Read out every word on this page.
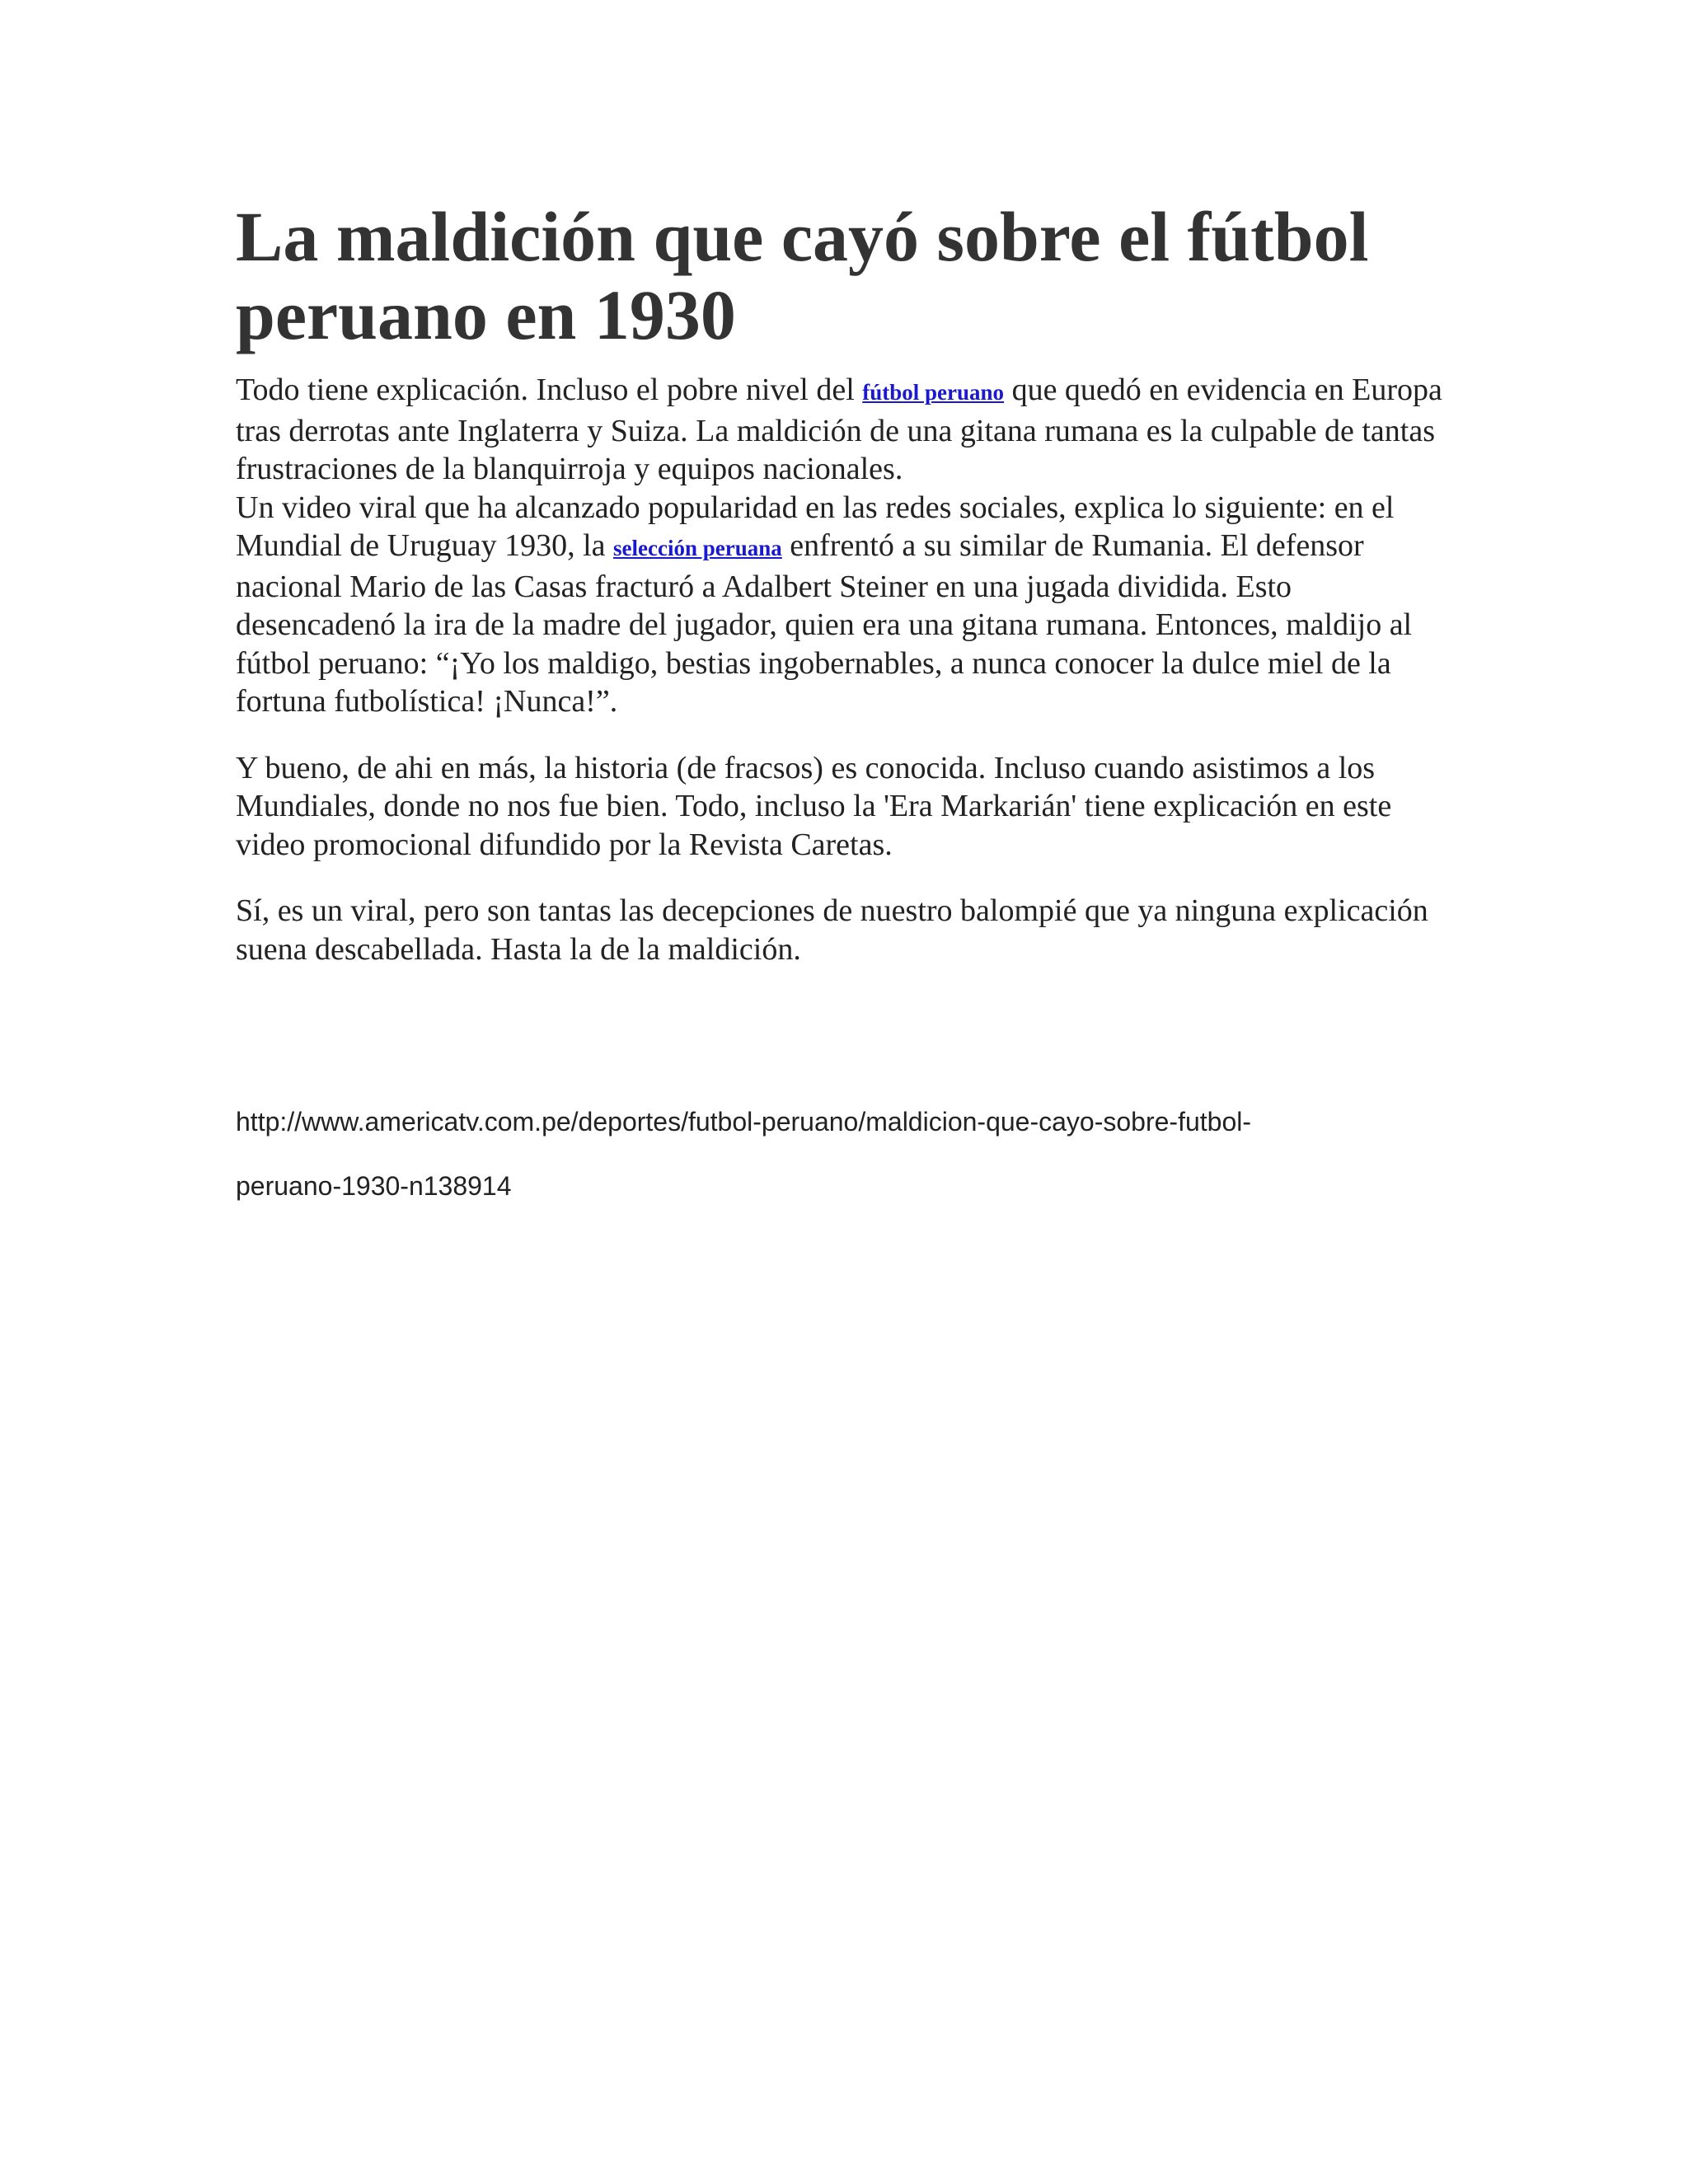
La maldición que cayó sobre el fútbol
peruano en 1930

Todo tiene explicación. Incluso el pobre nivel del fútbol peruano que quedó en evidencia en Europa tras derrotas ante Inglaterra y Suiza. La maldición de una gitana rumana es la culpable de tantas frustraciones de la blanquirroja y equipos nacionales.

Un video viral que ha alcanzado popularidad en las redes sociales, explica lo siguiente: en el Mundial de Uruguay 1930, la selección peruana enfrentó a su similar de Rumania. El defensor nacional Mario de las Casas fracturó a Adalbert Steiner en una jugada dividida. Esto desencadenó la ira de la madre del jugador, quien era una gitana rumana. Entonces, maldijo al fútbol peruano: “¡Yo los maldigo, bestias ingobernables, a nunca conocer la dulce miel de la fortuna futbolística! ¡Nunca!”.

Y bueno, de ahi en más, la historia (de fracsos) es conocida. Incluso cuando asistimos a los Mundiales, donde no nos fue bien. Todo, incluso la 'Era Markarián' tiene explicación en este video promocional difundido por la Revista Caretas.

Sí, es un viral, pero son tantas las decepciones de nuestro balompié que ya ninguna explicación suena descabellada. Hasta la de la maldición.

http://www.americatv.com.pe/deportes/futbol-peruano/maldicion-que-cayo-sobre-futbol-
peruano-1930-n138914
